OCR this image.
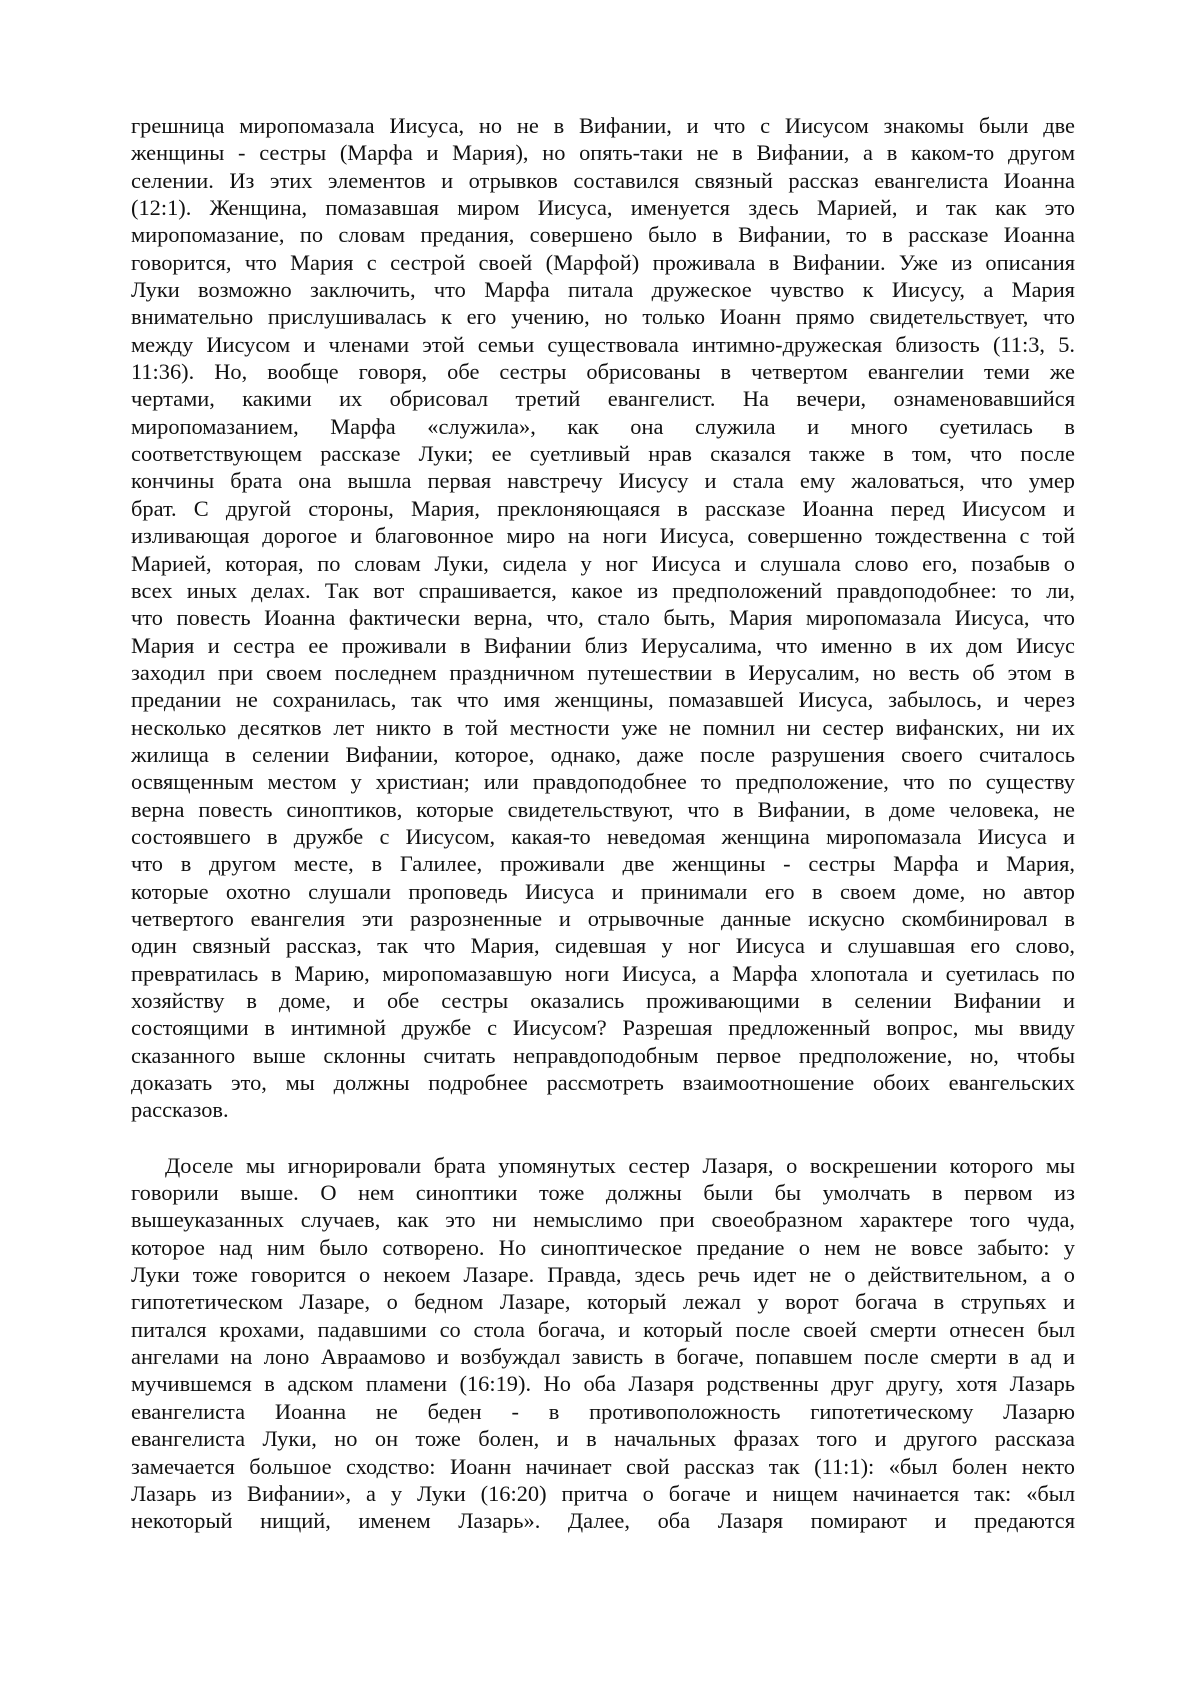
грешница миропомазала Иисуса, но не в Вифании, и что с Иисусом знакомы были две
женщины - сестры (Марфа и Мария), но опять-таки не в Вифании, а в каком-то другом
селении. Из этих элементов и отрывков составился связный рассказ евангелиста Иоанна
(12:1). Женщина, помазавшая миром Иисуса, именуется здесь Марией, и так как это
миропомазание, по словам предания, совершено было в Вифании, то в рассказе Иоанна
говорится, что Мария с сестрой своей (Марфой) проживала в Вифании. Уже из описания
Луки возможно заключить, что Марфа питала дружеское чувство к Иисусу, а Мария
внимательно прислушивалась к его учению, но только Иоанн прямо свидетельствует, что
между Иисусом и членами этой семьи существовала интимно-дружеская близость (11:3, 5.
11:36). Но, вообще говоря, обе сестры обрисованы в четвертом евангелии теми же
чертами, какими их обрисовал третий евангелист. На вечери, ознаменовавшийся
миропомазанием, Марфа «служила», как она служила и много суетилась в
соответствующем рассказе Луки; ее суетливый нрав сказался также в том, что после
кончины брата она вышла первая навстречу Иисусу и стала ему жаловаться, что умер
брат. С другой стороны, Мария, преклоняющаяся в рассказе Иоанна перед Иисусом и
изливающая дорогое и благовонное миро на ноги Иисуса, совершенно тождественна с той
Марией, которая, по словам Луки, сидела у ног Иисуса и слушала слово его, позабыв о
всех иных делах. Так вот спрашивается, какое из предположений правдоподобнее: то ли,
что повесть Иоанна фактически верна, что, стало быть, Мария миропомазала Иисуса, что
Мария и сестра ее проживали в Вифании близ Иерусалима, что именно в их дом Иисус
заходил при своем последнем праздничном путешествии в Иерусалим, но весть об этом в
предании не сохранилась, так что имя женщины, помазавшей Иисуса, забылось, и через
несколько десятков лет никто в той местности уже не помнил ни сестер вифанских, ни их
жилища в селении Вифании, которое, однако, даже после разрушения своего считалось
освященным местом у христиан; или правдоподобнее то предположение, что по существу
верна повесть синоптиков, которые свидетельствуют, что в Вифании, в доме человека, не
состоявшего в дружбе с Иисусом, какая-то неведомая женщина миропомазала Иисуса и
что в другом месте, в Галилее, проживали две женщины - сестры Марфа и Мария,
которые охотно слушали проповедь Иисуса и принимали его в своем доме, но автор
четвертого евангелия эти разрозненные и отрывочные данные искусно скомбинировал в
один связный рассказ, так что Мария, сидевшая у ног Иисуса и слушавшая его слово,
превратилась в Марию, миропомазавшую ноги Иисуса, а Марфа хлопотала и суетилась по
хозяйству в доме, и обе сестры оказались проживающими в селении Вифании и
состоящими в интимной дружбе с Иисусом? Разрешая предложенный вопрос, мы ввиду
сказанного выше склонны считать неправдоподобным первое предположение, но, чтобы
доказать это, мы должны подробнее рассмотреть взаимоотношение обоих евангельских
рассказов.
Доселе мы игнорировали брата упомянутых сестер Лазаря, о воскрешении которого мы
говорили выше. О нем синоптики тоже должны были бы умолчать в первом из
вышеуказанных случаев, как это ни немыслимо при своеобразном характере того чуда,
которое над ним было сотворено. Но синоптическое предание о нем не вовсе забыто: у
Луки тоже говорится о некоем Лазаре. Правда, здесь речь идет не о действительном, а о
гипотетическом Лазаре, о бедном Лазаре, который лежал у ворот богача в струпьях и
питался крохами, падавшими со стола богача, и который после своей смерти отнесен был
ангелами на лоно Авраамово и возбуждал зависть в богаче, попавшем после смерти в ад и
мучившемся в адском пламени (16:19). Но оба Лазаря родственны друг другу, хотя Лазарь
евангелиста Иоанна не беден - в противоположность гипотетическому Лазарю
евангелиста Луки, но он тоже болен, и в начальных фразах того и другого рассказа
замечается большое сходство: Иоанн начинает свой рассказ так (11:1): «был болен некто
Лазарь из Вифании», а у Луки (16:20) притча о богаче и нищем начинается так: «был
некоторый нищий, именем Лазарь». Далее, оба Лазаря помирают и предаются
